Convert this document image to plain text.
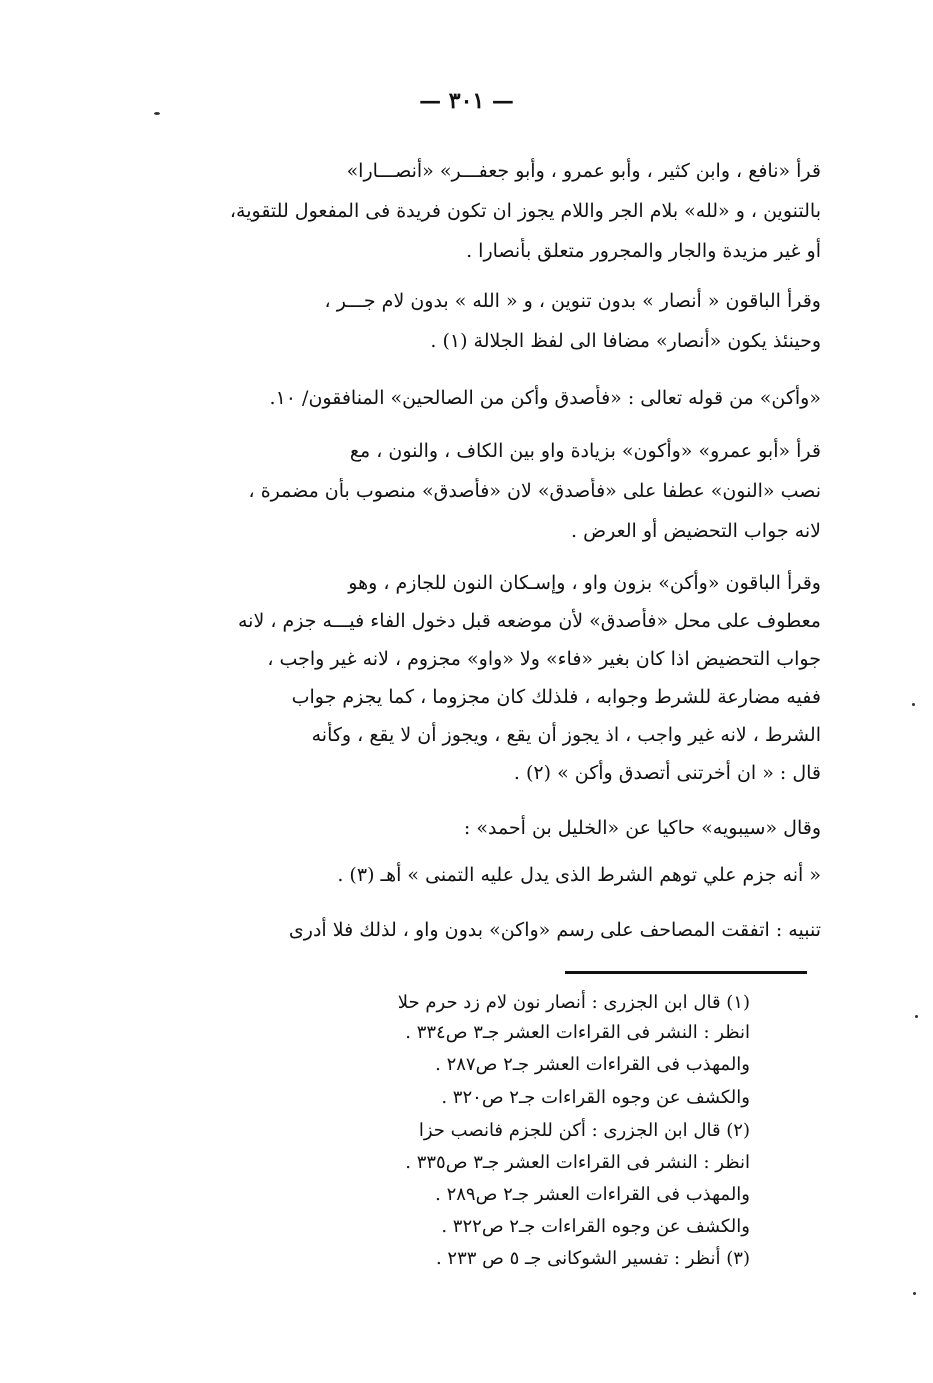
— ٣٠١ —
قرأ «نافع ، وابن كثير ، وأبو عمرو ، وأبو جعفـــر» «أنصـــارا»
بالتنوين ، و «لله» بلام الجر واللام يجوز ان تكون فريدة فى المفعول للتقوية،
أو غير مزيدة والجار والمجرور متعلق بأنصارا .
وقرأ الباقون « أنصار » بدون تنوين ، و « الله » بدون لام جـــر ،
وحينئذ يكون «أنصار» مضافا الى لفظ الجلالة (١) .
«وأكن» من قوله تعالى : «فأصدق وأكن من الصالحين» المنافقون/ ١٠.
قرأ «أبو عمرو» «وأكون» بزيادة واو بين الكاف ، والنون ، مع
نصب «النون» عطفا على «فأصدق» لان «فأصدق» منصوب بأن مضمرة ،
لانه جواب التحضيض أو العرض .
وقرأ الباقون «وأكن» بزون واو ، وإسـكان النون للجازم ، وهو
معطوف على محل «فأصدق» لأن موضعه قبل دخول الفاء فيـــه جزم ، لانه
جواب التحضيض اذا كان بغير «فاء» ولا «واو» مجزوم ، لانه غير واجب ،
ففيه مضارعة للشرط وجوابه ، فلذلك كان مجزوما ، كما يجزم جواب
الشرط ، لانه غير واجب ، اذ يجوز أن يقع ، ويجوز أن لا يقع ، وكأنه
قال : « ان أخرتنى أتصدق وأكن » (٢) .
وقال «سيبويه» حاكيا عن «الخليل بن أحمد» :
« أنه جزم علي توهم الشرط الذى يدل عليه التمنى » أهـ (٣) .
تنبيه : اتفقت المصاحف على رسم «واكن» بدون واو ، لذلك فلا أدرى
(١) قال ابن الجزرى : أنصار نون لام زد حرم حلا
انظر : النشر فى القراءات العشر جـ٣ ص٣٣٤ .
والمهذب فى القراءات العشر جـ٢ ص٢٨٧ .
والكشف عن وجوه القراءات جـ٢ ص٣٢٠ .
(٢) قال ابن الجزرى : أكن للجزم فانصب حزا
انظر : النشر فى القراءات العشر جـ٣ ص٣٣٥ .
والمهذب فى القراءات العشر جـ٢ ص٢٨٩ .
والكشف عن وجوه القراءات جـ٢ ص٣٢٢ .
(٣) أنظر : تفسير الشوكانى جـ ٥ ص ٢٣٣ .
